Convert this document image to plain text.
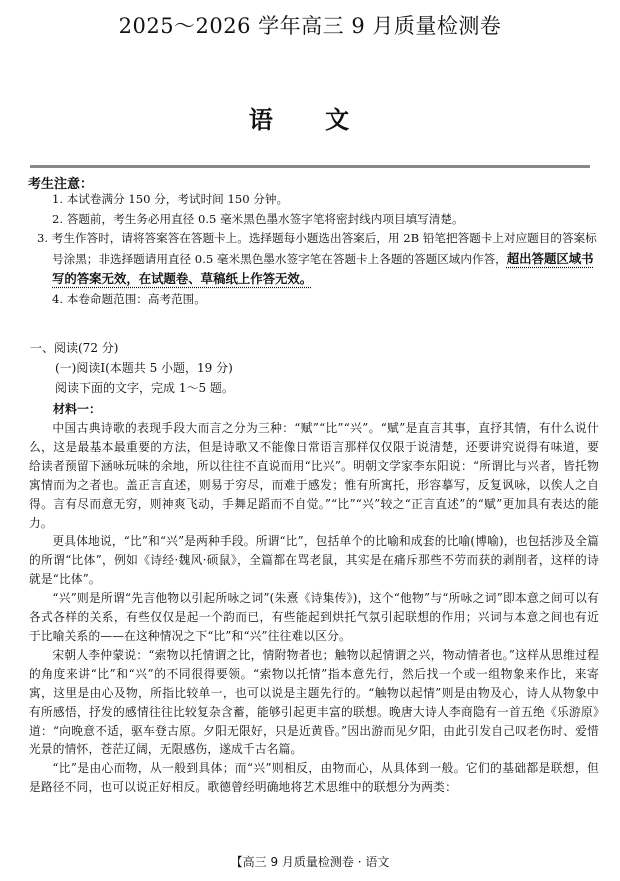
2025～2026 学年高三 9 月质量检测卷
语 文
考生注意：
1. 本试卷满分 150 分，考试时间 150 分钟。
2. 答题前，考生务必用直径 0.5 毫米黑色墨水签字笔将密封线内项目填写清楚。
3. 考生作答时，请将答案答在答题卡上。选择题每小题选出答案后，用 2B 铅笔把答题卡上对应题目的答案标号涂黑；非选择题请用直径 0.5 毫米黑色墨水签字笔在答题卡上各题的答题区域内作答，超出答题区域书写的答案无效，在试题卷、草稿纸上作答无效。
4. 本卷命题范围：高考范围。
一、阅读(72 分)
(一)阅读Ⅰ(本题共 5 小题，19 分)
阅读下面的文字，完成 1～5 题。
材料一：

中国古典诗歌的表现手段大而言之分为三种：“赋”“比”“兴”。“赋”是直言其事，直抒其情，有什么说什么，这是最基本最重要的方法，但是诗歌又不能像日常语言那样仅仅限于说清楚，还要讲究说得有味道，要给读者预留下涵咏玩味的余地，所以往往不直说而用“比兴”。明朝文学家李东阳说：“所谓比与兴者，皆托物寓情而为之者也。盖正言直述，则易于穷尽，而难于感发；惟有所寓托，形容摹写，反复讽咏，以俟人之自得。言有尽而意无穷，则神爽飞动，手舞足蹈而不自觉。”“比”“兴”较之“正言直述”的“赋”更加具有表达的能力。

更具体地说，“比”和“兴”是两种手段。所谓“比”，包括单个的比喻和成套的比喻(博喻)，也包括涉及全篇的所谓“比体”，例如《诗经·魏风·硕鼠》，全篇都在骂老鼠，其实是在痛斥那些不劳而获的剥削者，这样的诗就是“比体”。

“兴”则是所谓“先言他物以引起所咏之词”(朱熹《诗集传》)，这个“他物”与“所咏之词”即本意之间可以有各式各样的关系，有些仅仅是起一个韵而已，有些能起到烘托气氛引起联想的作用；兴词与本意之间也有近于比喻关系的——在这种情况之下“比”和“兴”往往难以区分。

宋朝人李仲蒙说：“索物以托情谓之比，情附物者也；触物以起情谓之兴，物动情者也。”这样从思维过程的角度来讲“比”和“兴”的不同很得要领。“索物以托情”指本意先行，然后找一个或一组物象来作比，来寄寓，这里是由心及物，所指比较单一，也可以说是主题先行的。“触物以起情”则是由物及心，诗人从物象中有所感悟，抒发的感情往往比较复杂含蓄，能够引起更丰富的联想。晚唐大诗人李商隐有一首五绝《乐游原》道：“向晚意不适，驱车登古原。夕阳无限好，只是近黄昏。”因出游而见夕阳，由此引发自己叹老伤时、爱惜光景的情怀，苍茫辽阔，无限感伤，遂成千古名篇。

“比”是由心而物，从一般到具体；而“兴”则相反，由物而心，从具体到一般。它们的基础都是联想，但是路径不同，也可以说正好相反。歌德曾经明确地将艺术思维中的联想分为两类：

【高三 9 月质量检测卷 · 语文
